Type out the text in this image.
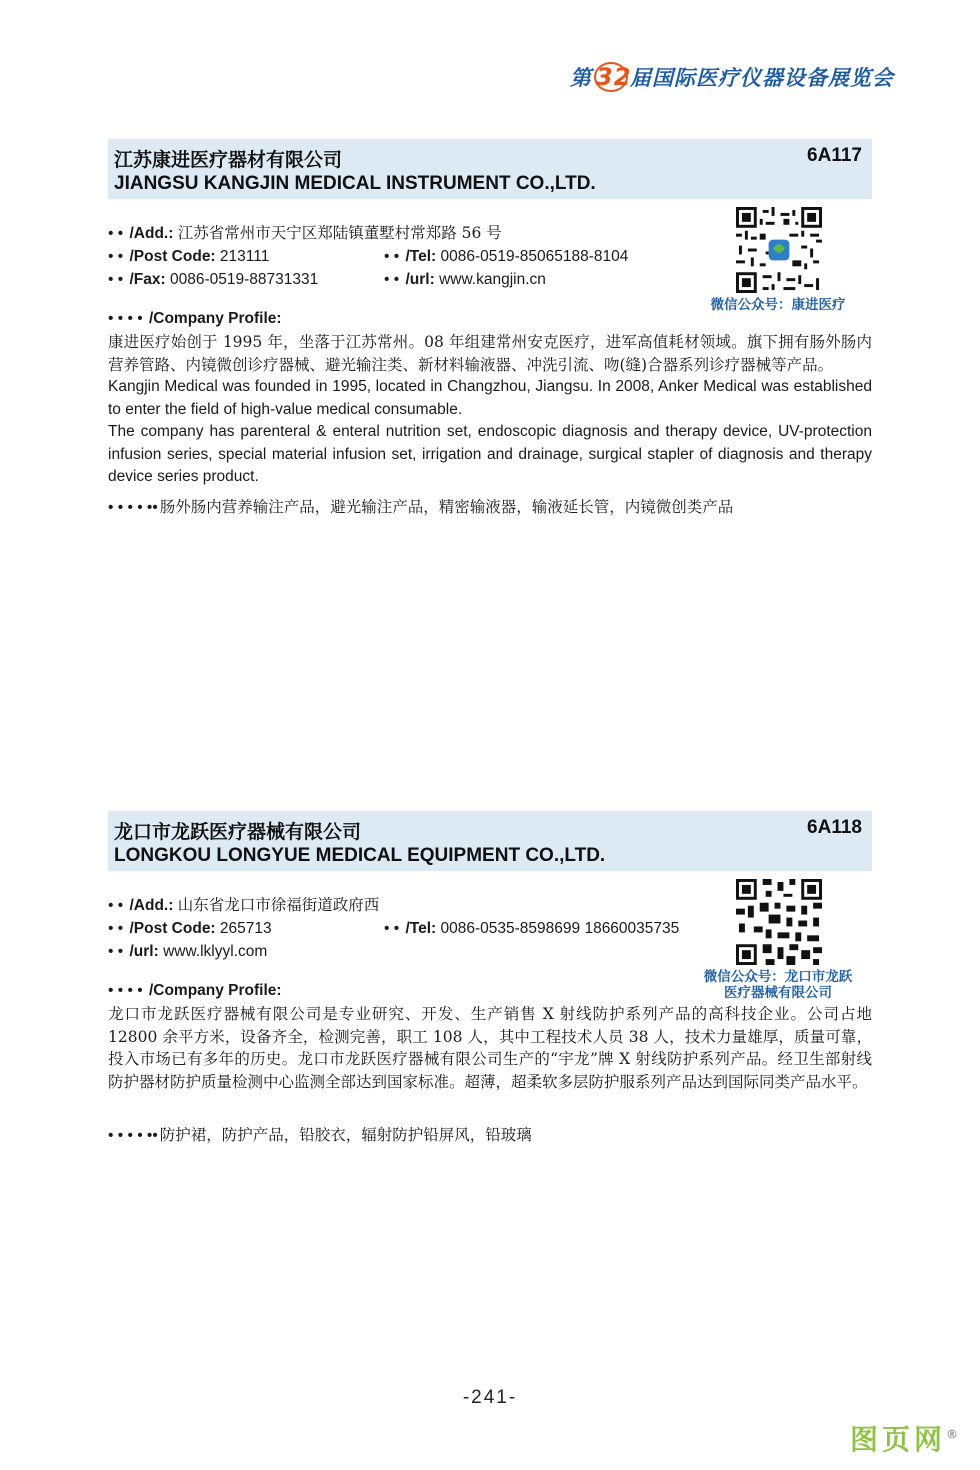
第 32届国际医疗仪器设备展览会
江苏康进医疗器材有限公司
JIANGSU KANGJIN MEDICAL INSTRUMENT CO.,LTD.
6A117
• • /Add.: 江苏省常州市天宁区郑陆镇董墅村常郑路 56 号
• • /Post Code: 213111	• • /Tel: 0086-0519-85065188-8104
• • /Fax: 0086-0519-88731331	• • /url: www.kangjin.cn
微信公众号：康进医疗
• • • • /Company Profile:

康进医疗始创于 1995 年，坐落于江苏常州。08 年组建常州安克医疗，进军高值耗材领域。旗下拥有肠外肠内营养管路、内镜微创诊疗器械、避光输注类、新材料输液器、冲洗引流、吻(缝)合器系列诊疗器械等产品。

Kangjin Medical was founded in 1995, located in Changzhou, Jiangsu. In 2008, Anker Medical was established to enter the field of high-value medical consumable.

The company has parenteral & enteral nutrition set, endoscopic diagnosis and therapy device, UV-protection infusion series, special material infusion set, irrigation and drainage, surgical stapler of diagnosis and therapy device series product.

• • • • •• 肠外肠内营养输注产品，避光输注产品，精密输液器，输液延长管，内镜微创类产品
龙口市龙跃医疗器械有限公司
LONGKOU LONGYUE MEDICAL EQUIPMENT CO.,LTD.
6A118
• • /Add.: 山东省龙口市徐福街道政府西
• • /Post Code: 265713	• • /Tel: 0086-0535-8598699 18660035735
• • /url: www.lklyyl.com
微信公众号：龙口市龙跃
医疗器械有限公司
• • • • /Company Profile:

龙口市龙跃医疗器械有限公司是专业研究、开发、生产销售 X 射线防护系列产品的高科技企业。公司占地 12800 余平方米，设备齐全，检测完善，职工 108 人，其中工程技术人员 38 人，技术力量雄厚，质量可靠，投入市场已有多年的历史。龙口市龙跃医疗器械有限公司生产的“宇龙”牌 X 射线防护系列产品。经卫生部射线防护器材防护质量检测中心监测全部达到国家标准。超薄，超柔软多层防护服系列产品达到国际同类产品水平。

• • • • •• 防护裙，防护产品，铅胶衣，辐射防护铅屏风，铅玻璃
-241-
图页网®
